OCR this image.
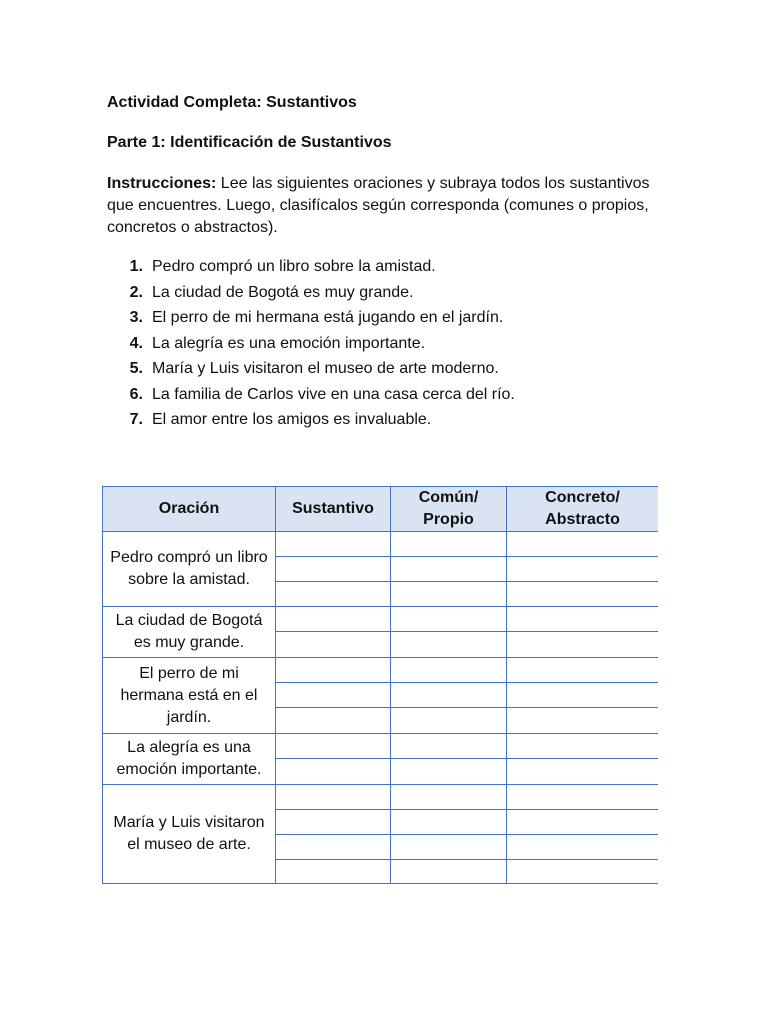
Actividad Completa: Sustantivos
Parte 1: Identificación de Sustantivos
Instrucciones: Lee las siguientes oraciones y subraya todos los sustantivos que encuentres. Luego, clasifícalos según corresponda (comunes o propios, concretos o abstractos).
1. Pedro compró un libro sobre la amistad.
2. La ciudad de Bogotá es muy grande.
3. El perro de mi hermana está jugando en el jardín.
4. La alegría es una emoción importante.
5. María y Luis visitaron el museo de arte moderno.
6. La familia de Carlos vive en una casa cerca del río.
7. El amor entre los amigos es invaluable.
Oración	Sustantivo
Común/ Propio
Concreto/ Abstracto
Pedro compró un libro sobre la amistad.
La ciudad de Bogotá es muy grande.
El perro de mi hermana está en el jardín.
La alegría es una emoción importante.
María y Luis visitaron el museo de arte.
